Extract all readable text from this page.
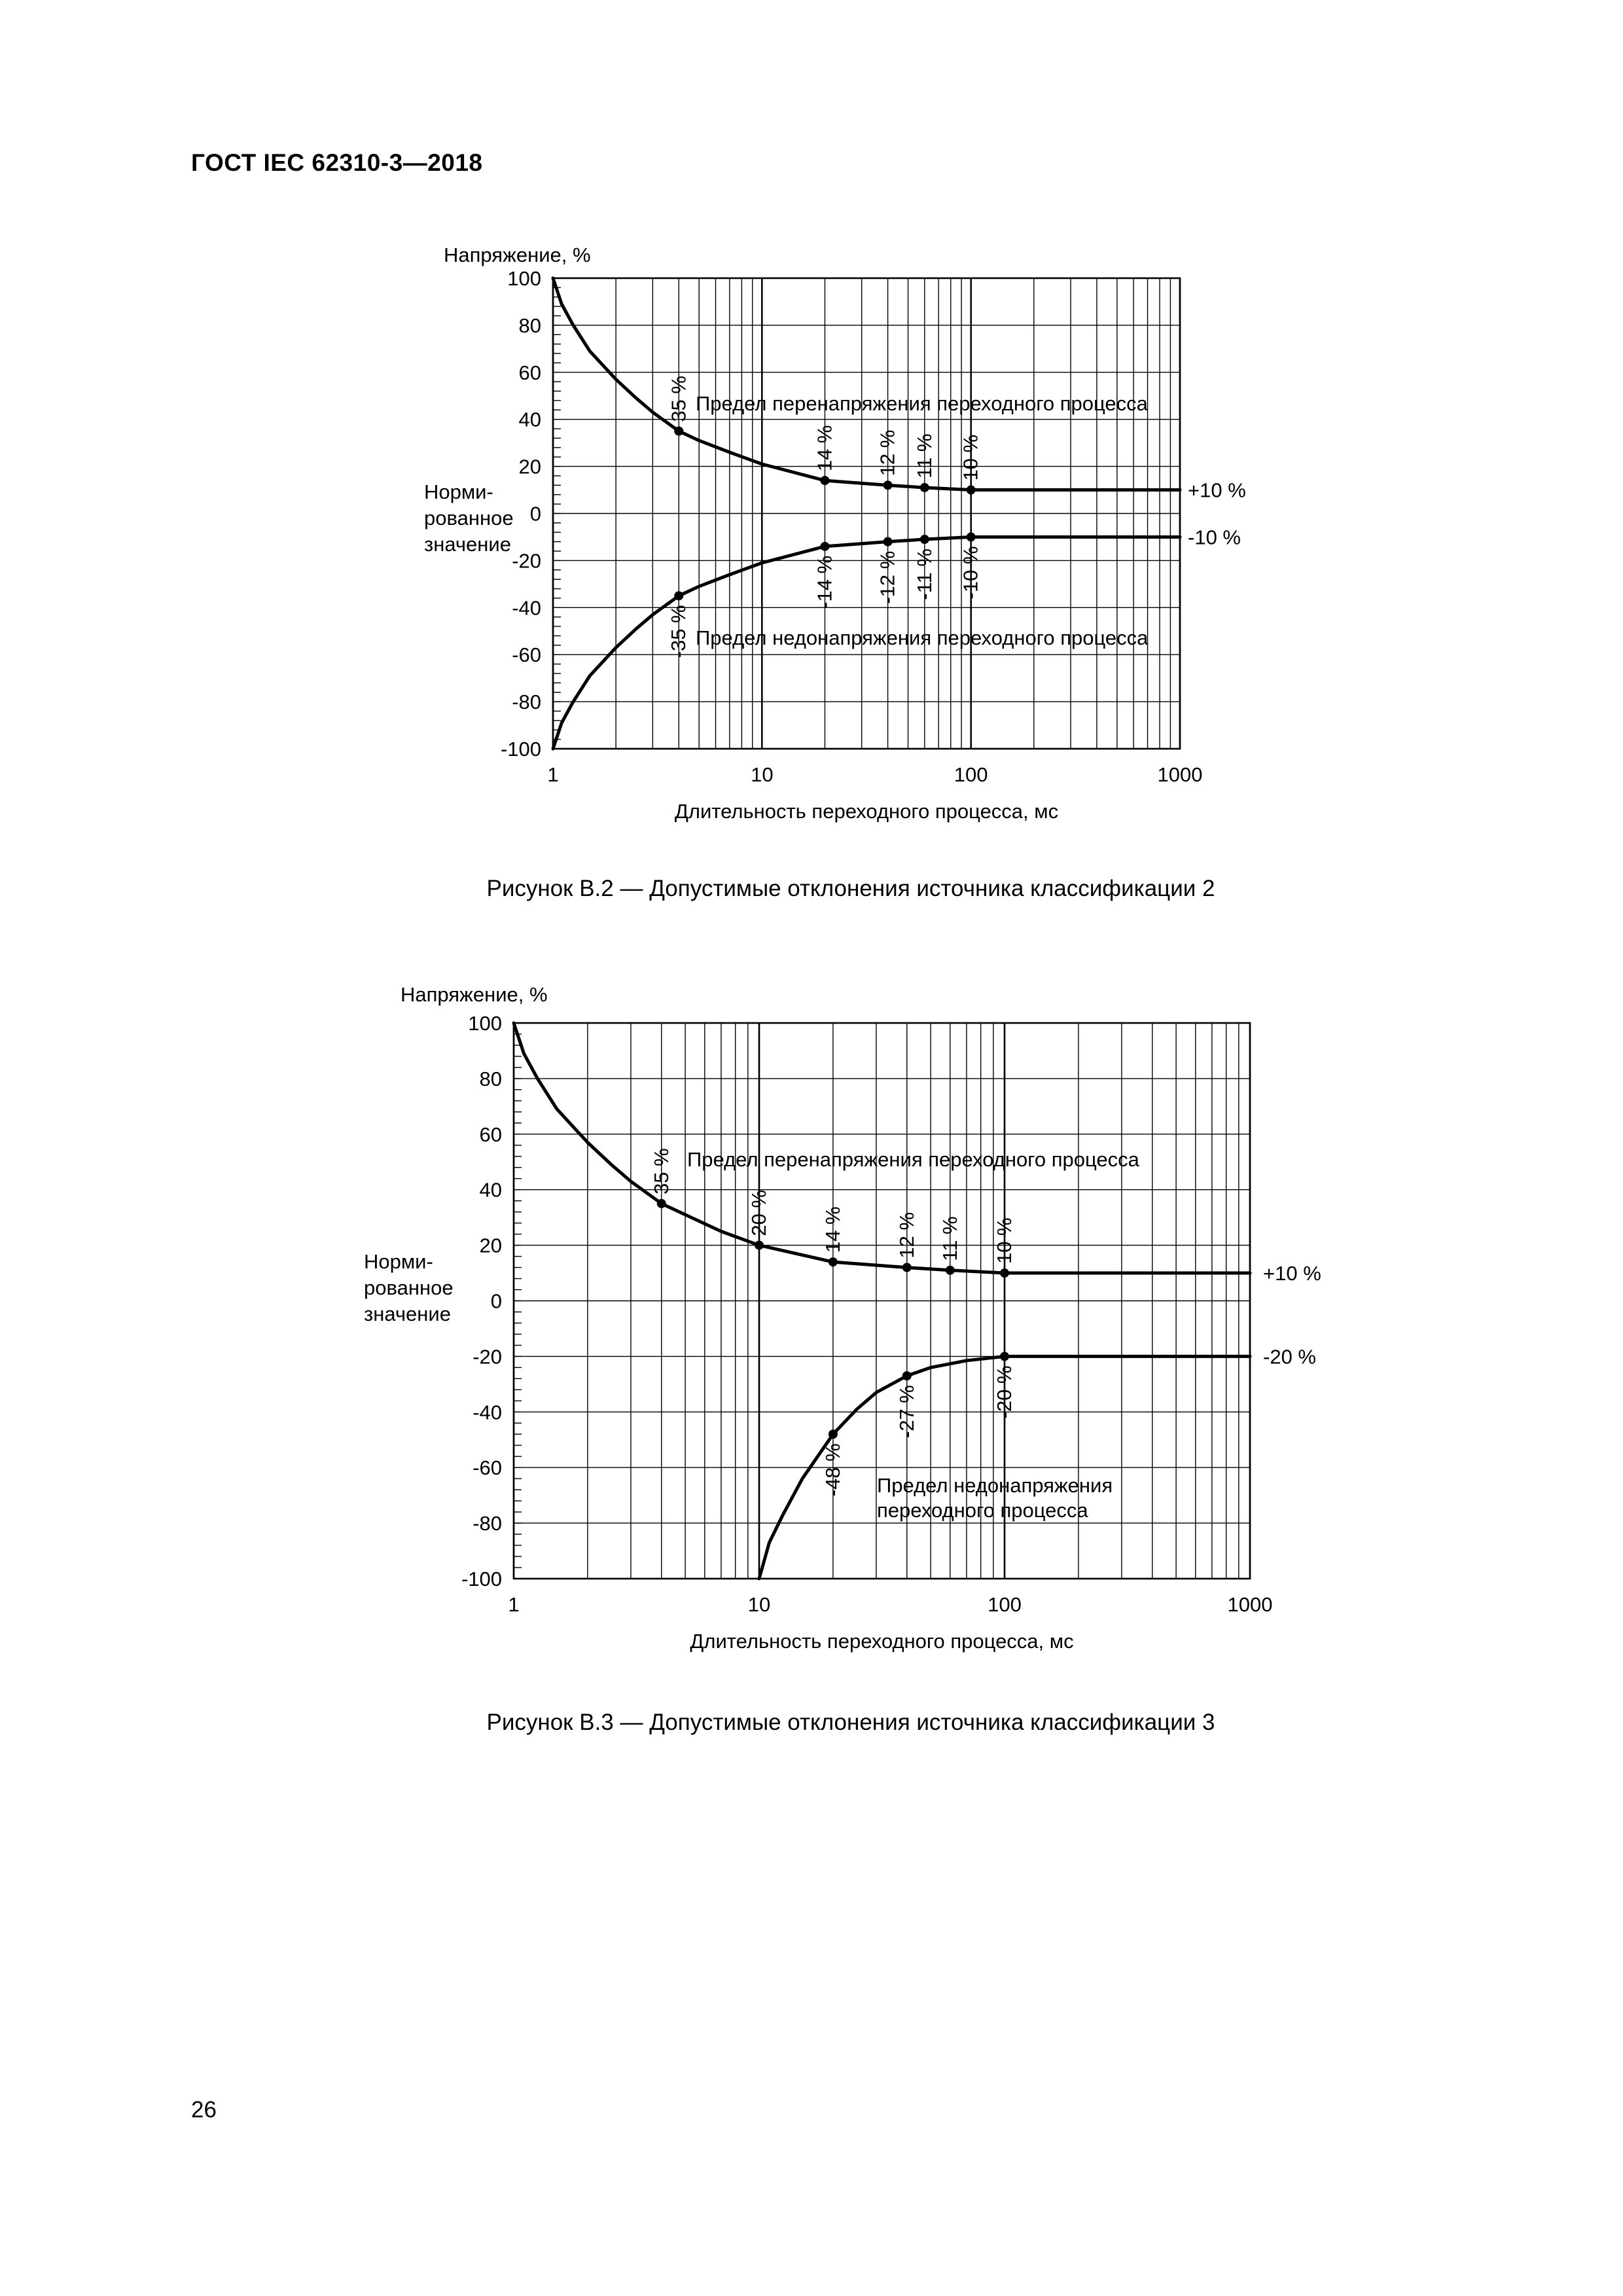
ГОСТ IEC 62310-3—2018
100
80
60
40
20
0
-20
-40
-60
-80
-100
1	10	100	1000
Длительность переходного процесса, мс
Напряжение, %
Норми-
рованное
значение
35 %
14 % 12 % 11 % 10 %
+10 %
Предел перенапряжения переходного процесса
-35 %
-14 % -12 % -11 % -10 %
-10 %
Предел недонапряжения переходного процесса
100
80
60
40
20
0
-20
-40
-60
-80
-100
1	10	100	1000
Длительность переходного процесса, мс
Напряжение, %
Норми-
рованное
значение
35 %
20 %	14 %	12 % 11 % 10 %
+10 %
Предел перенапряжения переходного процесса
-48 %
-27 %	-20 %
-20 %
Предел недонапряжения
переходного процесса
Рисунок В.2 — Допустимые отклонения источника классификации 2
Рисунок В.3 — Допустимые отклонения источника классификации 3
26
